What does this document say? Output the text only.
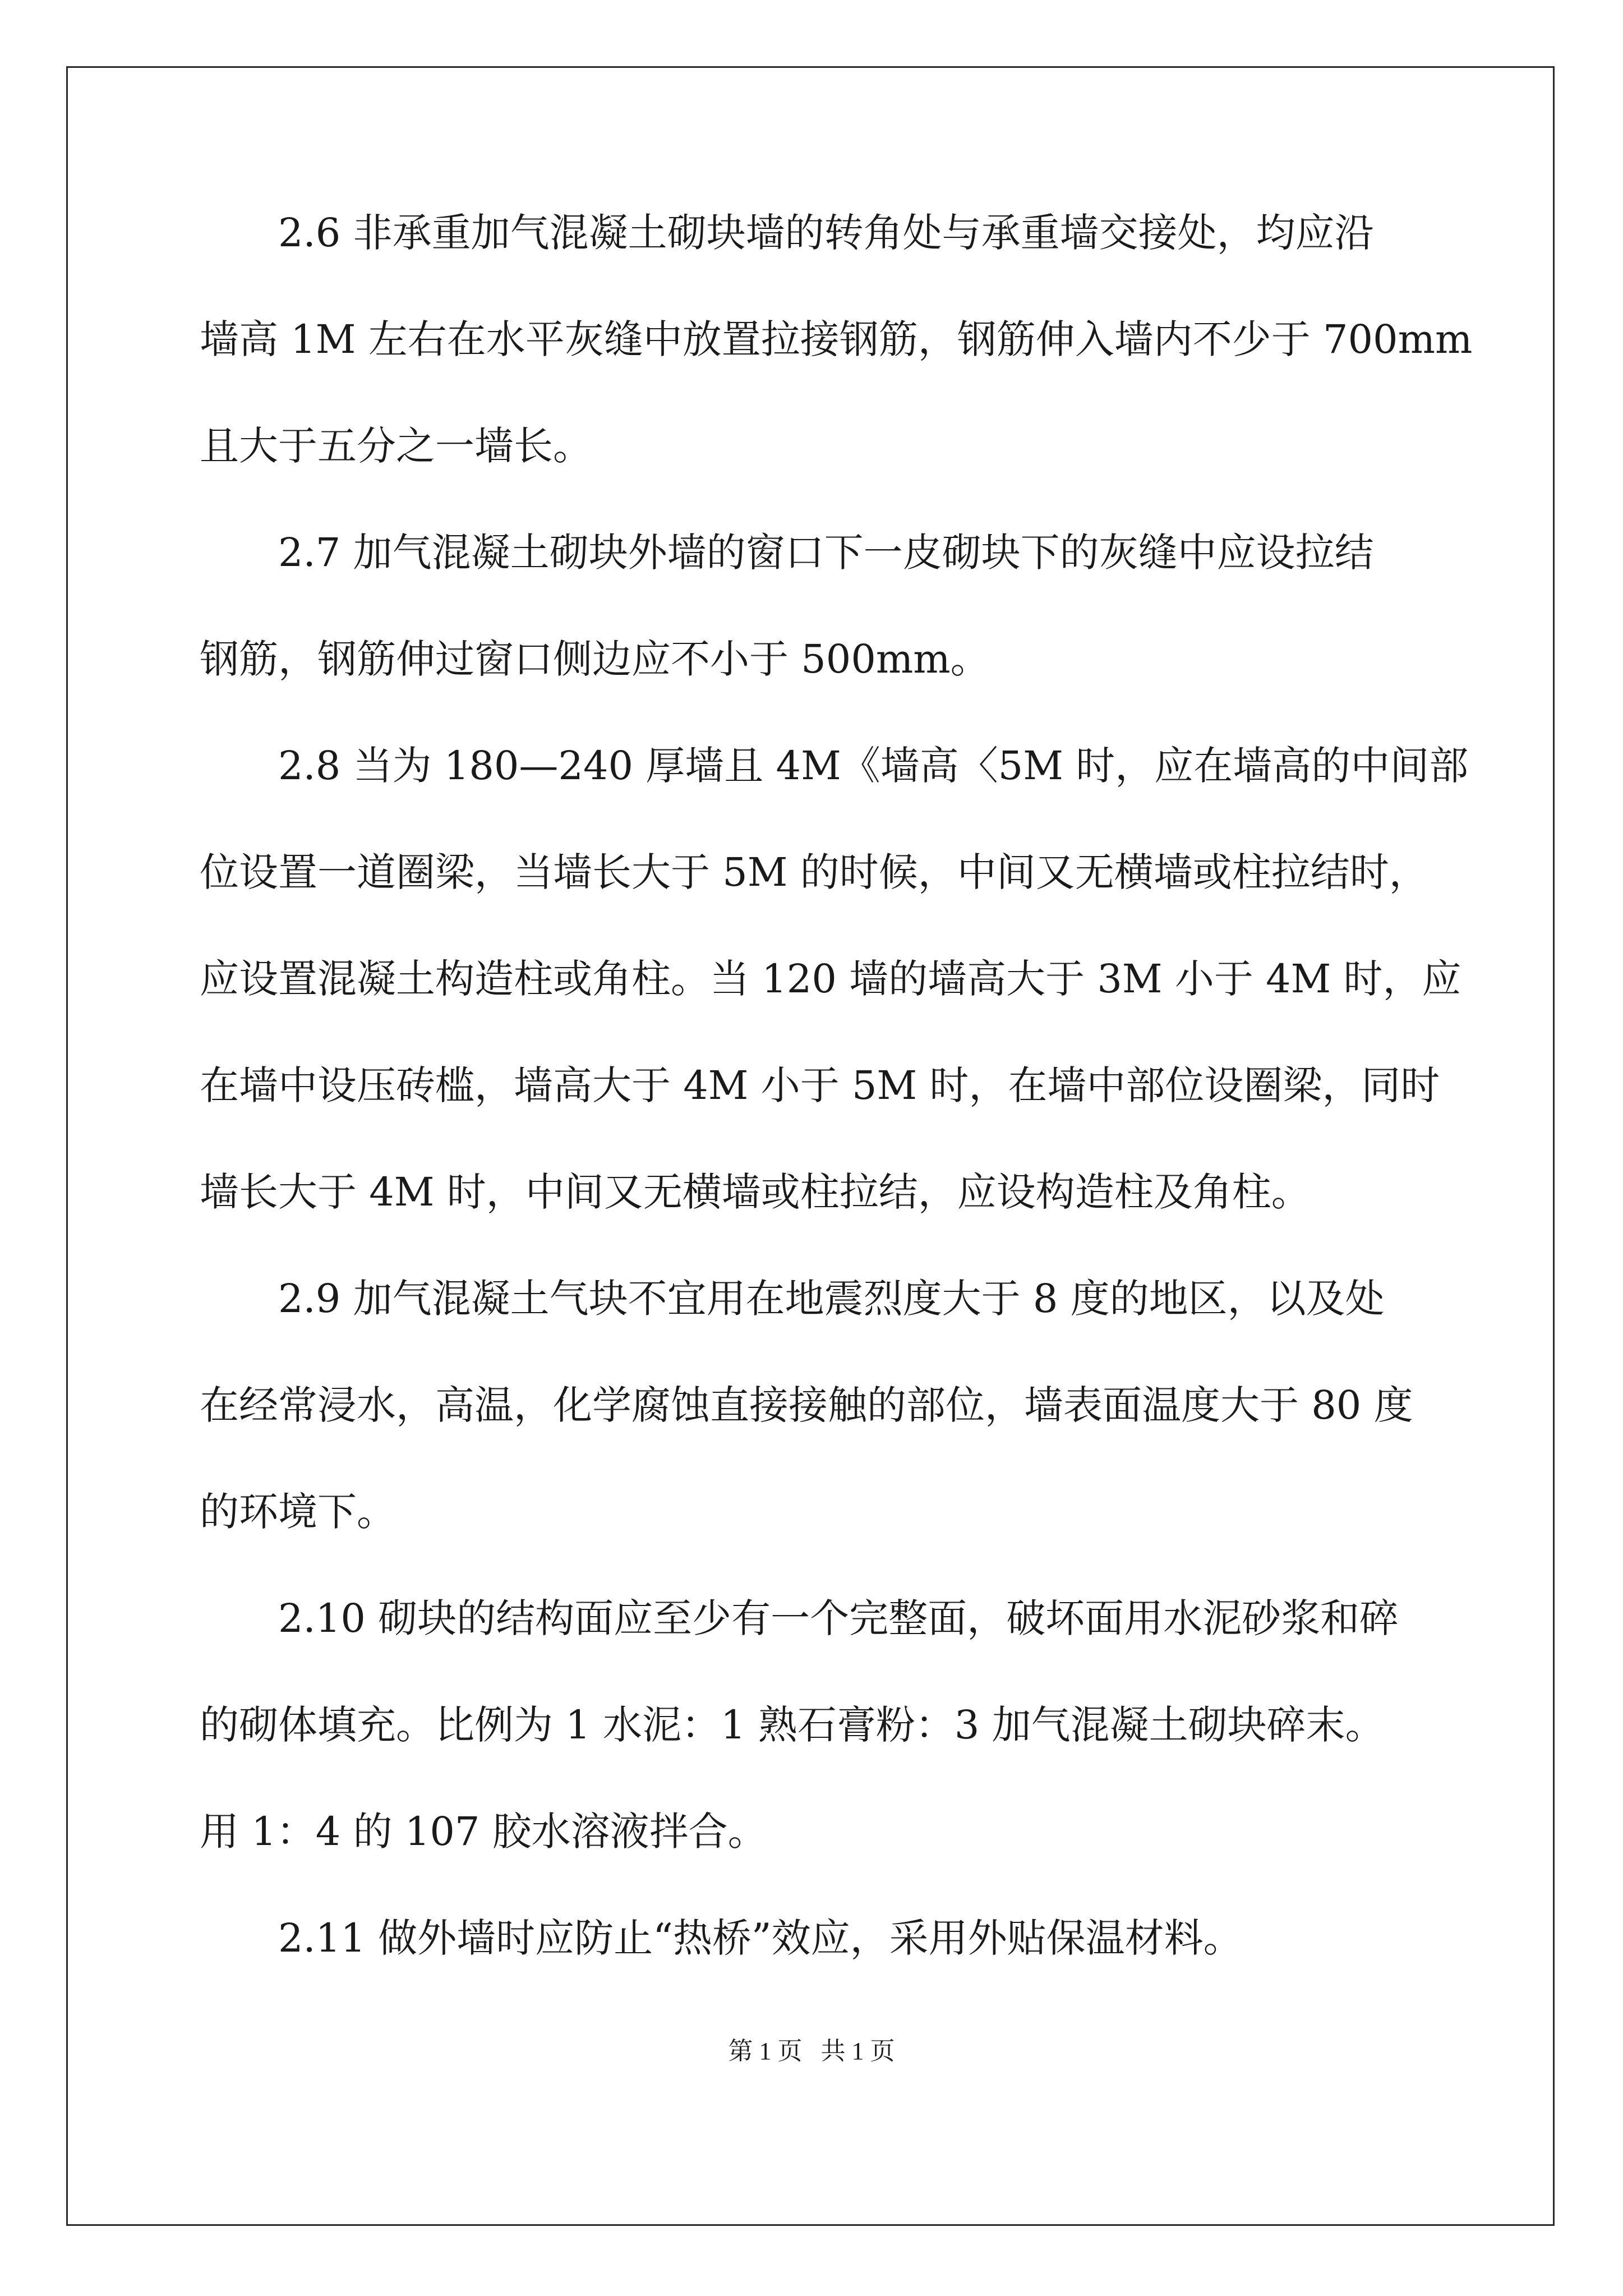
2.6 非承重加气混凝土砌块墙的转角处与承重墙交接处，均应沿
墙高 1M 左右在水平灰缝中放置拉接钢筋，钢筋伸入墙内不少于 700mm
且大于五分之一墙长。
2.7 加气混凝土砌块外墙的窗口下一皮砌块下的灰缝中应设拉结
钢筋，钢筋伸过窗口侧边应不小于 500mm。
2.8 当为 180—240 厚墙且 4M《墙高〈5M 时，应在墙高的中间部
位设置一道圈梁，当墙长大于 5M 的时候，中间又无横墙或柱拉结时，
应设置混凝土构造柱或角柱。当 120 墙的墙高大于 3M 小于 4M 时，应
在墙中设压砖槛，墙高大于 4M 小于 5M 时，在墙中部位设圈梁，同时
墙长大于 4M 时，中间又无横墙或柱拉结，应设构造柱及角柱。
2.9 加气混凝土气块不宜用在地震烈度大于 8 度的地区，以及处
在经常浸水，高温，化学腐蚀直接接触的部位，墙表面温度大于 80 度
的环境下。
2.10 砌块的结构面应至少有一个完整面，破坏面用水泥砂浆和碎
的砌体填充。比例为 1 水泥：1 熟石膏粉：3 加气混凝土砌块碎末。
用 1：4 的 107 胶水溶液拌合。
2.11 做外墙时应防止“热桥”效应，采用外贴保温材料。
第 1 页   共 1 页
